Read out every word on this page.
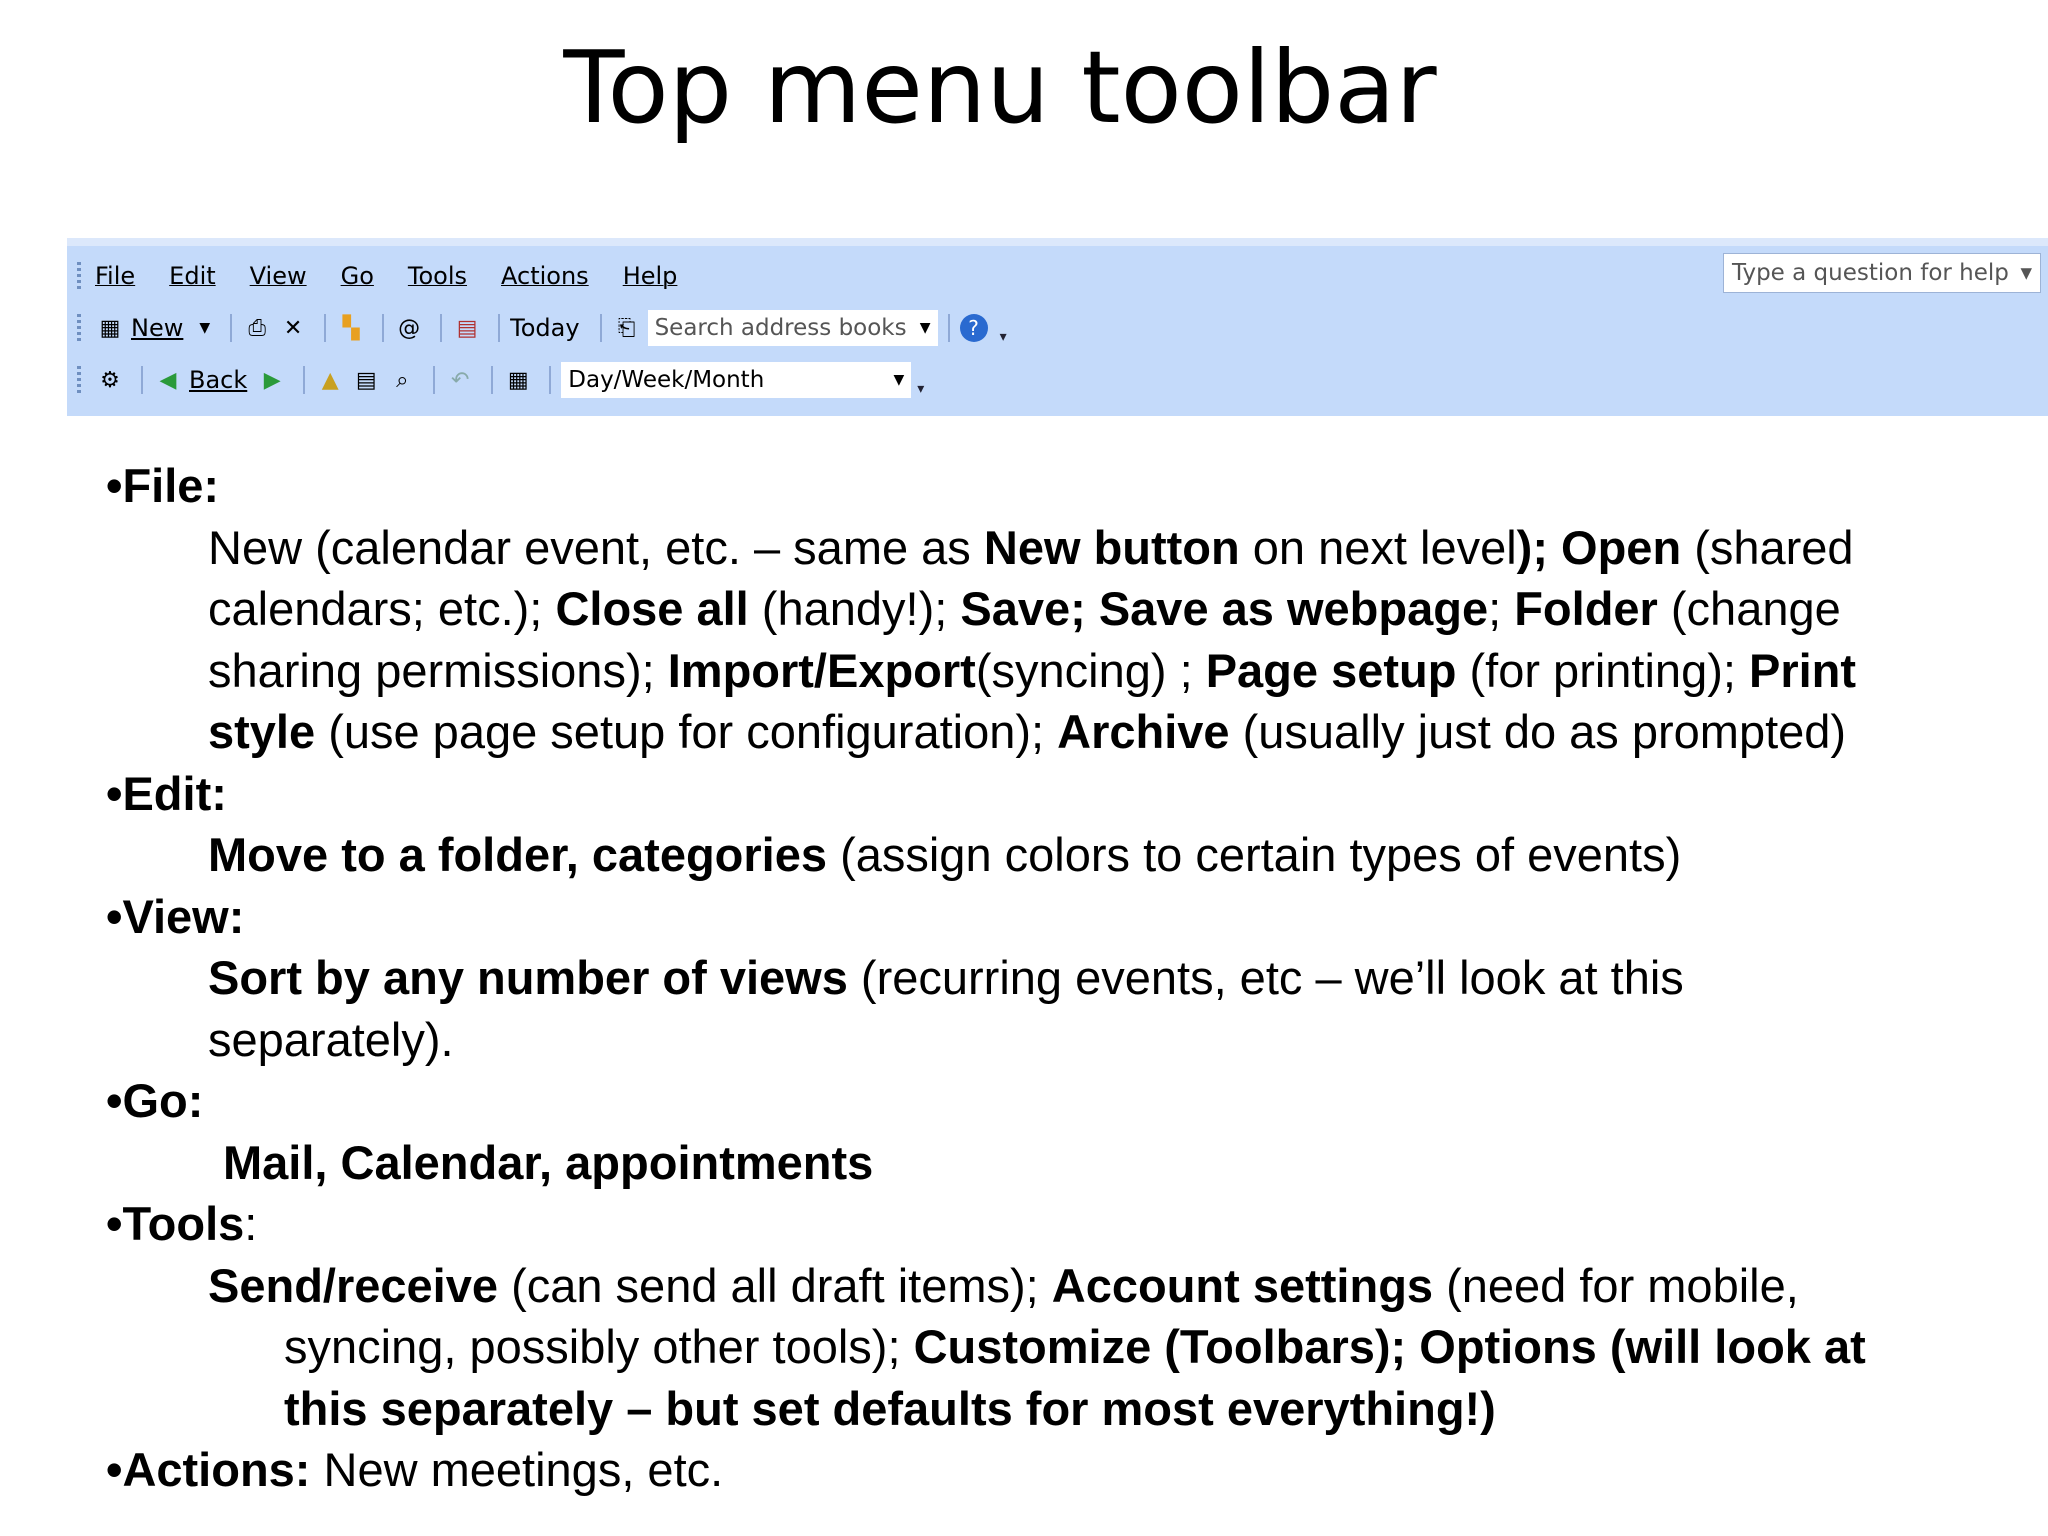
Top menu toolbar
File Edit View Go Tools Actions Help	Type a question for help ▾
▦ New ▼ ⎙ ✕ ▚ @ ▤ Today ⎗ Search address books ▼	?	▾
⚙ ◀ Back ▶ ▲ ▤ ⌕	↶ ▦ Day/Week/Month	▼
▾

•File:

New (calendar event, etc. – same as New button on next level); Open (shared

calendars; etc.); Close all (handy!); Save; Save as webpage; Folder (change

sharing permissions); Import/Export(syncing) ; Page setup (for printing); Print

style (use page setup for configuration); Archive (usually just do as prompted)

•Edit:

Move to a folder, categories (assign colors to certain types of events)

•View:

Sort by any number of views (recurring events, etc – we’ll look at this

separately).

•Go:

Mail, Calendar, appointments

•Tools:

Send/receive (can send all draft items); Account settings (need for mobile,

syncing, possibly other tools); Customize (Toolbars); Options (will look at

this separately – but set defaults for most everything!)

•Actions: New meetings, etc.
